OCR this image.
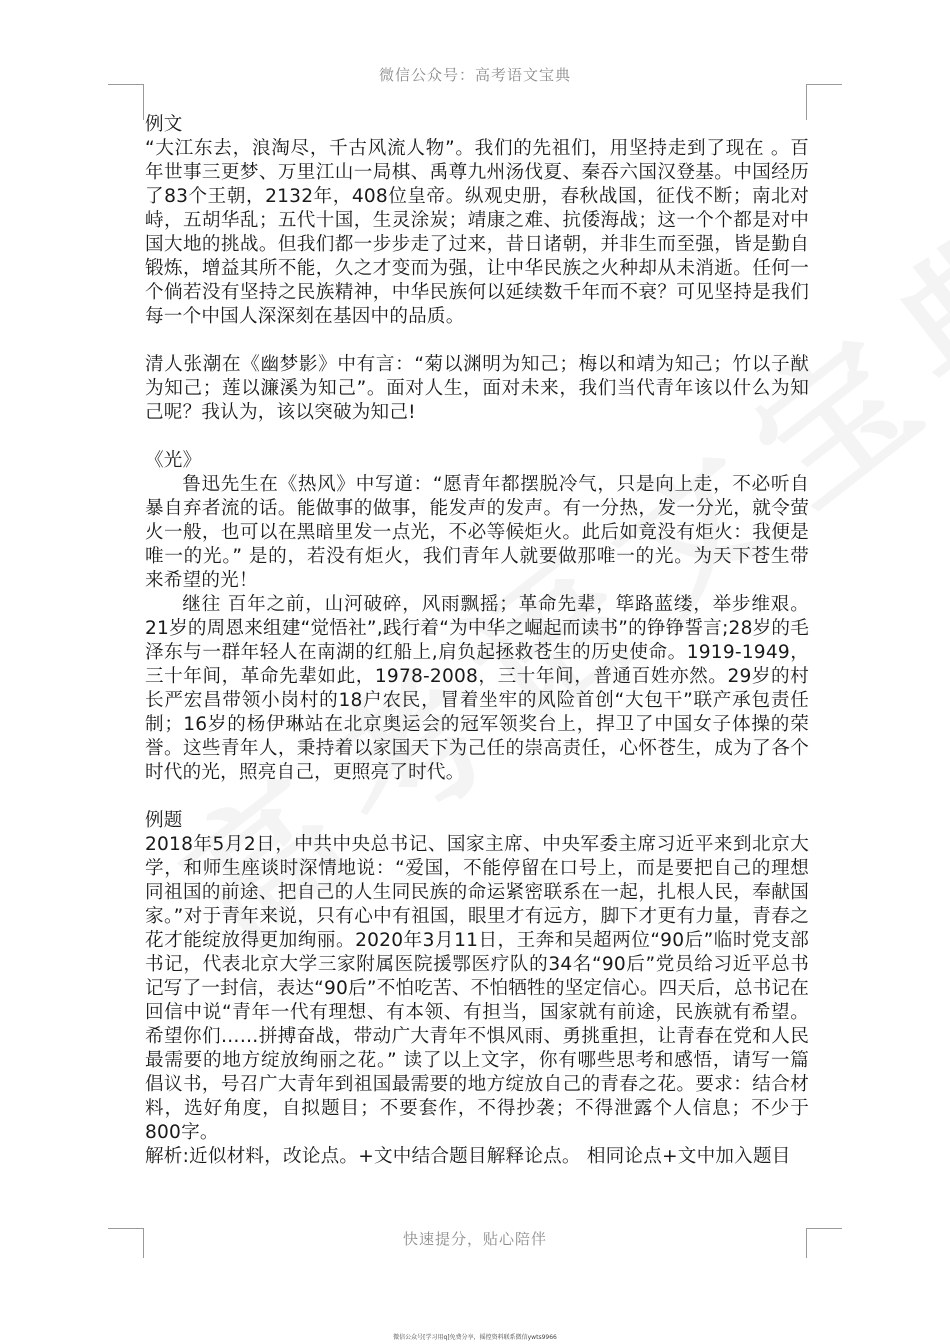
微信公众号：高考语文宝典

例文

“大江东去，浪淘尽，千古风流人物”。我们的先祖们，用坚持走到了现在 。百年世事三更梦、万里江山一局棋、禹尊九州汤伐夏、秦吞六国汉登基。中国经历了83个王朝，2132年，408位皇帝。纵观史册，春秋战国，征伐不断；南北对峙，五胡华乱；五代十国，生灵涂炭；靖康之难、抗倭海战；这一个个都是对中国大地的挑战。但我们都一步步走了过来，昔日诸朝，并非生而至强，皆是勤自锻炼，增益其所不能，久之才变而为强，让中华民族之火种却从未消逝。任何一个倘若没有坚持之民族精神，中华民族何以延续数千年而不衰？可见坚持是我们每一个中国人深深刻在基因中的品质。

清人张潮在《幽梦影》中有言：“菊以渊明为知己；梅以和靖为知己；竹以子猷为知己；莲以濂溪为知己”。面对人生，面对未来，我们当代青年该以什么为知己呢？我认为，该以突破为知己!

《光》

鲁迅先生在《热风》中写道：“愿青年都摆脱冷气，只是向上走，不必听自暴自弃者流的话。能做事的做事，能发声的发声。有一分热，发一分光，就令萤火一般，也可以在黑暗里发一点光，不必等候炬火。此后如竟没有炬火：我便是唯一的光。” 是的，若没有炬火，我们青年人就要做那唯一的光。为天下苍生带来希望的光！

继往 百年之前，山河破碎，风雨飘摇；革命先辈，筚路蓝缕，举步维艰。21岁的周恩来组建“觉悟社”,践行着“为中华之崛起而读书”的铮铮誓言;28岁的毛泽东与一群年轻人在南湖的红船上,肩负起拯救苍生的历史使命。1919-1949，三十年间，革命先辈如此，1978-2008，三十年间，普通百姓亦然。29岁的村长严宏昌带领小岗村的18户农民，冒着坐牢的风险首创“大包干”联产承包责任制；16岁的杨伊琳站在北京奥运会的冠军领奖台上，捍卫了中国女子体操的荣誉。这些青年人，秉持着以家国天下为己任的崇高责任，心怀苍生，成为了各个时代的光，照亮自己，更照亮了时代。

例题

2018年5月2日，中共中央总书记、国家主席、中央军委主席习近平来到北京大学，和师生座谈时深情地说：“爱国，不能停留在口号上，而是要把自己的理想同祖国的前途、把自己的人生同民族的命运紧密联系在一起，扎根人民，奉献国家。”对于青年来说，只有心中有祖国，眼里才有远方，脚下才更有力量，青春之花才能绽放得更加绚丽。2020年3月11日，王奔和吴超两位“90后”临时党支部书记，代表北京大学三家附属医院援鄂医疗队的34名“90后”党员给习近平总书记写了一封信，表达“90后”不怕吃苦、不怕牺牲的坚定信心。四天后，总书记在回信中说“青年一代有理想、有本领、有担当，国家就有前途，民族就有希望。希望你们……拼搏奋战，带动广大青年不惧风雨、勇挑重担，让青春在党和人民最需要的地方绽放绚丽之花。” 读了以上文字，你有哪些思考和感悟，请写一篇倡议书，号召广大青年到祖国最需要的地方绽放自己的青春之花。要求：结合材料，选好角度，自拟题目；不要套作，不得抄袭；不得泄露个人信息；不少于800字。

解析:近似材料，改论点。+文中结合题目解释论点。 相同论点+文中加入题目

快速提分，贴心陪伴
微信公众号[学习用q]免费分享，摇控资料联系微信ywts9966
